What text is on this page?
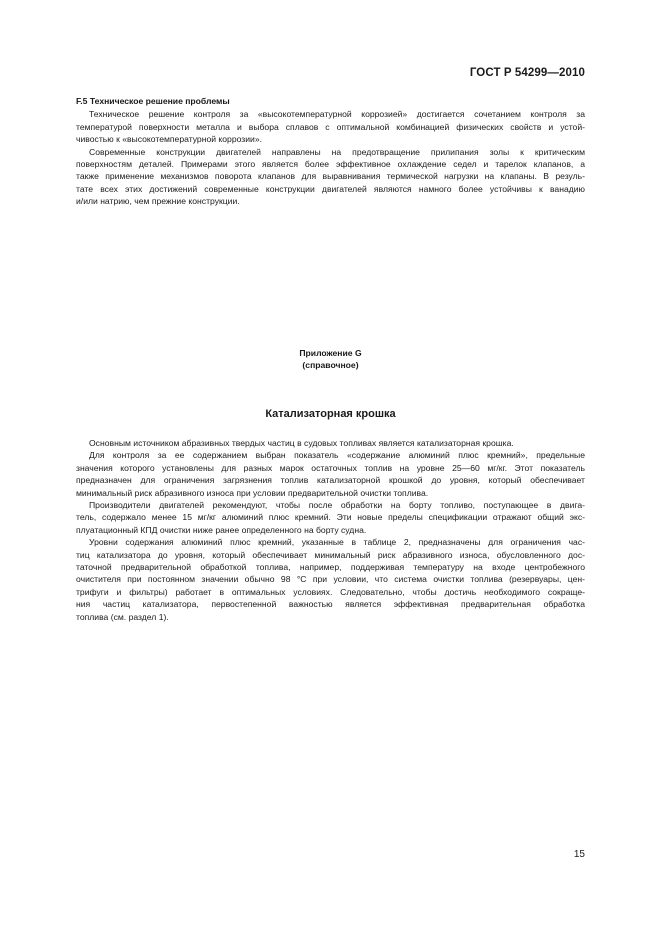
ГОСТ Р 54299—2010
F.5 Техническое решение проблемы

Техническое решение контроля за «высокотемпературной коррозией» достигается сочетанием контроля за
температурой поверхности металла и выбора сплавов с оптимальной комбинацией физических свойств и устой-
чивостью к «высокотемпературной коррозии».

Современные конструкции двигателей направлены на предотвращение прилипания золы к критическим
поверхностям деталей. Примерами этого является более эффективное охлаждение седел и тарелок клапанов, а
также применение механизмов поворота клапанов для выравнивания термической нагрузки на клапаны. В резуль-
тате всех этих достижений современные конструкции двигателей являются намного более устойчивы к ванадию
и/или натрию, чем прежние конструкции.

Приложение G
(справочное)
Катализаторная крошка

Основным источником абразивных твердых частиц в судовых топливах является катализаторная крошка.

Для контроля за ее содержанием выбран показатель «содержание алюминий плюс кремний», предельные
значения которого установлены для разных марок остаточных топлив на уровне 25—60 мг/кг. Этот показатель
предназначен для ограничения загрязнения топлив катализаторной крошкой до уровня, который обеспечивает
минимальный риск абразивного износа при условии предварительной очистки топлива.

Производители двигателей рекомендуют, чтобы после обработки на борту топливо, поступающее в двига-
тель, содержало менее 15 мг/кг алюминий плюс кремний. Эти новые пределы спецификации отражают общий экс-
плуатационный КПД очистки ниже ранее определенного на борту судна.

Уровни содержания алюминий плюс кремний, указанные в таблице 2, предназначены для ограничения час-
тиц катализатора до уровня, который обеспечивает минимальный риск абразивного износа, обусловленного дос-
таточной предварительной обработкой топлива, например, поддерживая температуру на входе центробежного
очистителя при постоянном значении обычно 98 °С при условии, что система очистки топлива (резервуары, цен-
трифуги и фильтры) работает в оптимальных условиях. Следовательно, чтобы достичь необходимого сокраще-
ния частиц катализатора, первостепенной важностью является эффективная предварительная обработка
топлива (см. раздел 1).

15
